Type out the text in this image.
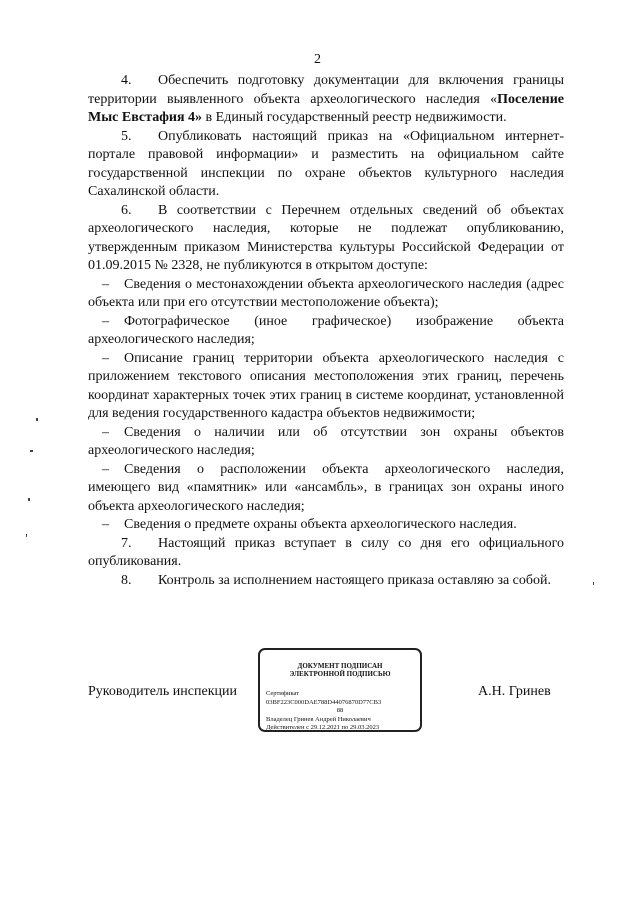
2

4. Обеспечить подготовку документации для включения границы территории выявленного объекта археологического наследия «Поселение Мыс Евстафия 4» в Единый государственный реестр недвижимости.

5. Опубликовать настоящий приказ на «Официальном интернет-портале правовой информации» и разместить на официальном сайте государственной инспекции по охране объектов культурного наследия Сахалинской области.

6. В соответствии с Перечнем отдельных сведений об объектах археологического наследия, которые не подлежат опубликованию, утвержденным приказом Министерства культуры Российской Федерации от 01.09.2015 № 2328, не публикуются в открытом доступе:

– Сведения о местонахождении объекта археологического наследия (адрес объекта или при его отсутствии местоположение объекта);

– Фотографическое (иное графическое) изображение объекта археологического наследия;

– Описание границ территории объекта археологического наследия с приложением текстового описания местоположения этих границ, перечень координат характерных точек этих границ в системе координат, установленной для ведения государственного кадастра объектов недвижимости;

– Сведения о наличии или об отсутствии зон охраны объектов археологического наследия;

– Сведения о расположении объекта археологического наследия, имеющего вид «памятник» или «ансамбль», в границах зон охраны иного объекта археологического наследия;

– Сведения о предмете охраны объекта археологического наследия.

7. Настоящий приказ вступает в силу со дня его официального опубликования.

8. Контроль за исполнением настоящего приказа оставляю за собой.

Руководитель инспекции
ДОКУМЕНТ ПОДПИСАН
ЭЛЕКТРОННОЙ ПОДПИСЬЮ
Сертификат 03BF223C000DAE788D44076870D77CB3
88
Владелец Гринев Андрей Николаевич
Действителен с 29.12.2021 по 29.03.2023
А.Н. Гринев
